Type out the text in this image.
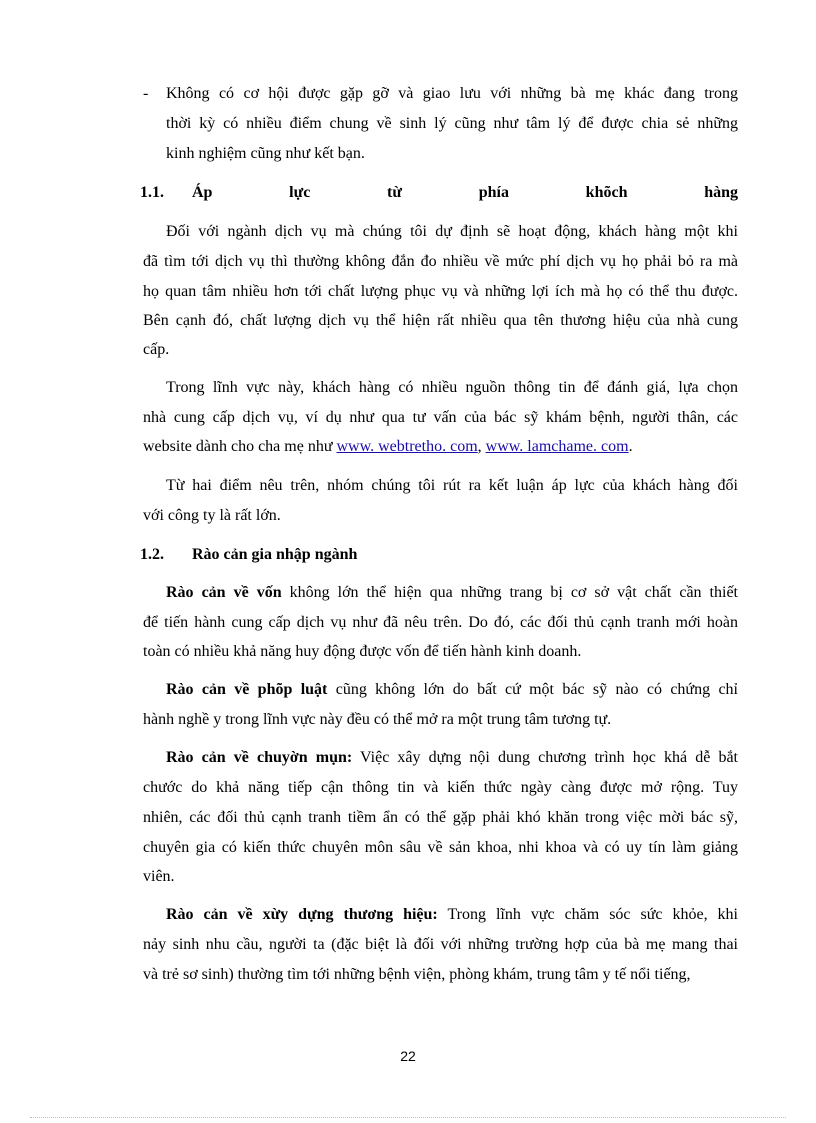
- Không có cơ hội được gặp gỡ và giao lưu với những bà mẹ khác đang trong
thời kỳ có nhiều điểm chung về sinh lý cũng như tâm lý để được chia sẻ những
kinh nghiệm cũng như kết bạn.
1.1. Áp	lực	từ	phía	khõch	hàng
Đối với ngành dịch vụ mà chúng tôi dự định sẽ hoạt động, khách hàng một khi
đã tìm tới dịch vụ thì thường không đắn đo nhiều về mức phí dịch vụ họ phải bỏ ra mà
họ quan tâm nhiều hơn tới chất lượng phục vụ và những lợi ích mà họ có thể thu được.
Bên cạnh đó, chất lượng dịch vụ thể hiện rất nhiều qua tên thương hiệu của nhà cung
cấp.
Trong lĩnh vực này, khách hàng có nhiều nguồn thông tin để đánh giá, lựa chọn
nhà cung cấp dịch vụ, ví dụ như qua tư vấn của bác sỹ khám bệnh, người thân, các
website dành cho cha mẹ như www. webtretho. com, www. lamchame. com.
Từ hai điểm nêu trên, nhóm chúng tôi rút ra kết luận áp lực của khách hàng đối
với công ty là rất lớn.
1.2. Rào cản gia nhập ngành
Rào cản về vốn không lớn thể hiện qua những trang bị cơ sở vật chất cần thiết
để tiến hành cung cấp dịch vụ như đã nêu trên. Do đó, các đối thủ cạnh tranh mới hoàn
toàn có nhiều khả năng huy động được vốn để tiến hành kinh doanh.
Rào cản về phõp luật cũng không lớn do bất cứ một bác sỹ nào có chứng chỉ
hành nghề y trong lĩnh vực này đều có thể mở ra một trung tâm tương tự.
Rào cản về chuyờn mụn: Việc xây dựng nội dung chương trình học khá dễ bắt
chước do khả năng tiếp cận thông tin và kiến thức ngày càng được mở rộng. Tuy
nhiên, các đối thủ cạnh tranh tiềm ẩn có thể gặp phải khó khăn trong việc mời bác sỹ,
chuyên gia có kiến thức chuyên môn sâu về sản khoa, nhi khoa và có uy tín làm giảng
viên.
Rào cản về xừy dựng thương hiệu: Trong lĩnh vực chăm sóc sức khỏe, khi
nảy sinh nhu cầu, người ta (đặc biệt là đối với những trường hợp của bà mẹ mang thai
và trẻ sơ sinh) thường tìm tới những bệnh viện, phòng khám, trung tâm y tế nổi tiếng,
22
